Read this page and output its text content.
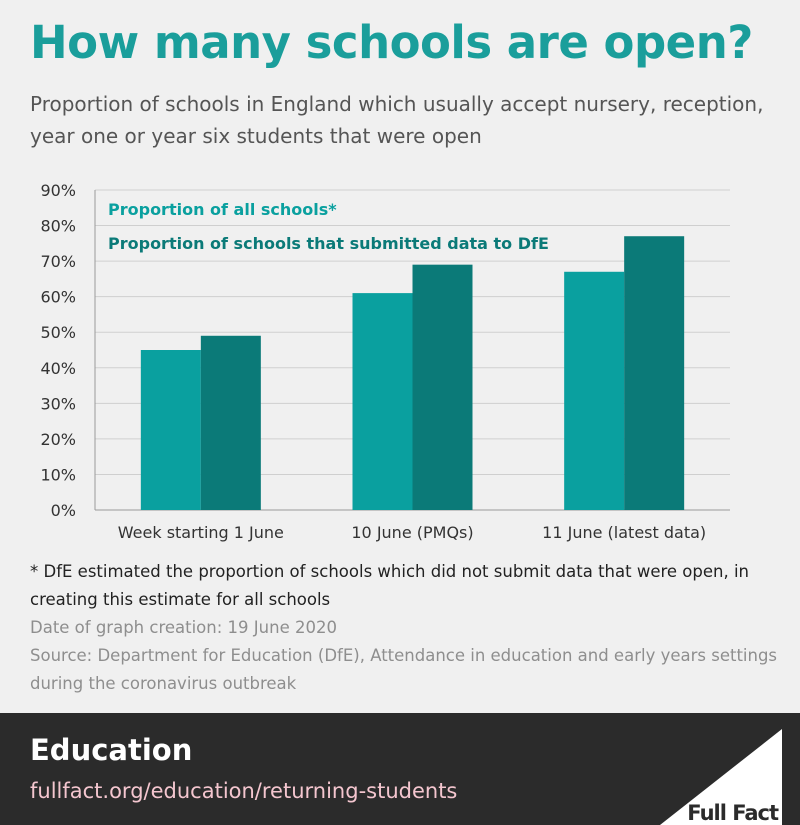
How many schools are open?
Proportion of schools in England which usually accept nursery, reception, year one or year six students that were open
0%
10%
20%
30%
40%
50%
60%
70%
80%
90%
Week starting 1 June	10 June (PMQs)	11 June (latest data)
Proportion of all schools*
Proportion of schools that submitted data to DfE
* DfE estimated the proportion of schools which did not submit data that were open, in creating this estimate for all schools
Date of graph creation: 19 June 2020
Source: Department for Education (DfE), Attendance in education and early years settings during the coronavirus outbreak
Education
fullfact.org/education/returning-students
Full Fact
